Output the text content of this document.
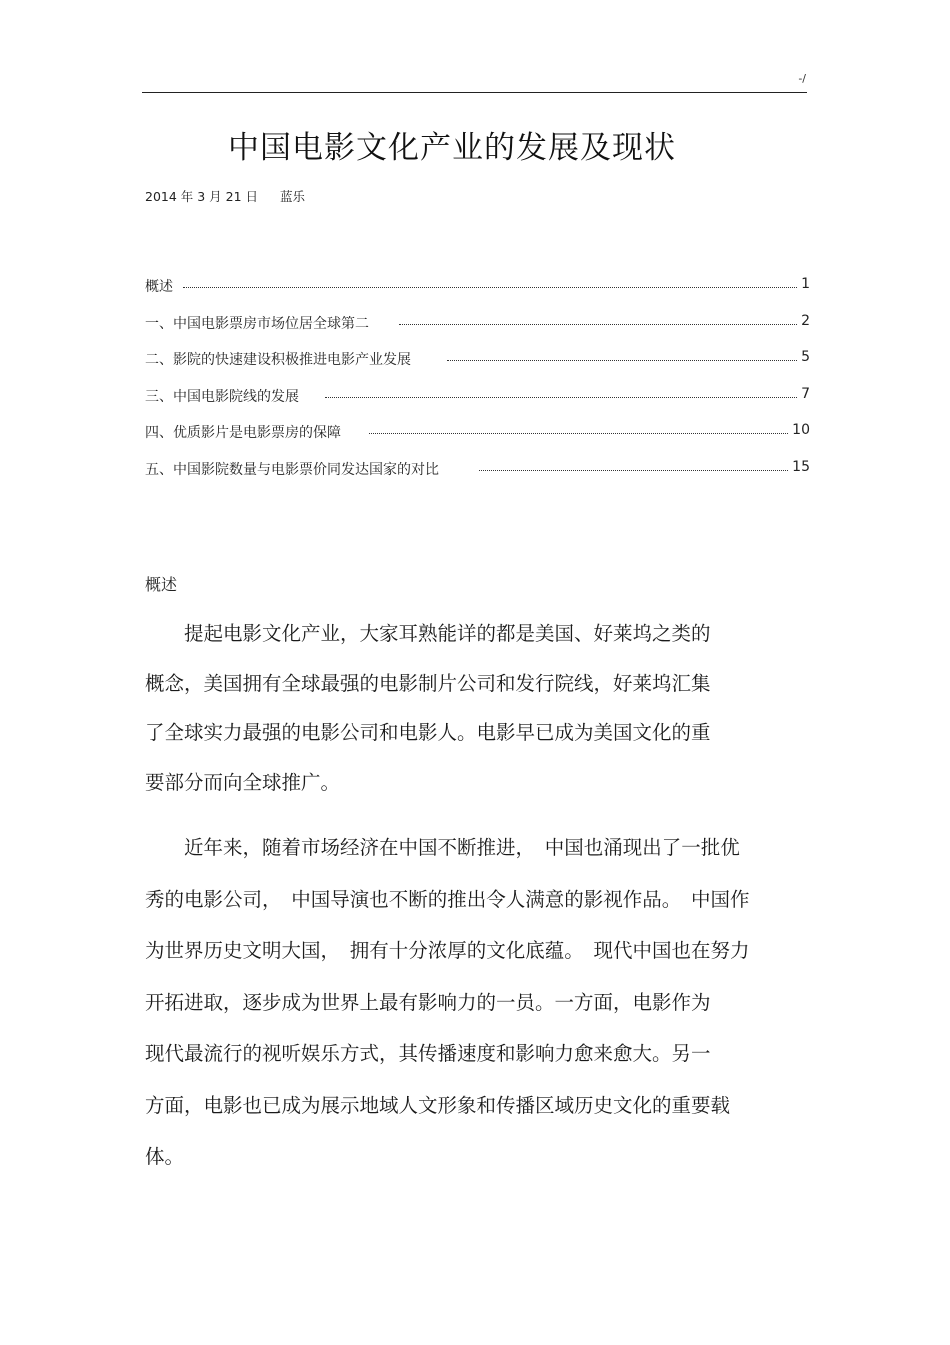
-/
中国电影文化产业的发展及现状
2014 年 3 月 21 日 蓝乐
概述	1
一、中国电影票房市场位居全球第二	2
二、影院的快速建设积极推进电影产业发展	5
三、中国电影院线的发展	7
四、优质影片是电影票房的保障	10
五、中国影院数量与电影票价同发达国家的对比	15
概述

　　提起电影文化产业，大家耳熟能详的都是美国、好莱坞之类的
概念，美国拥有全球最强的电影制片公司和发行院线，好莱坞汇集
了全球实力最强的电影公司和电影人。电影早已成为美国文化的重
要部分而向全球推广。

　　近年来，随着市场经济在中国不断推进，　中国也涌现出了一批优
秀的电影公司，　中国导演也不断的推出令人满意的影视作品。　中国作
为世界历史文明大国，　拥有十分浓厚的文化底蕴。　现代中国也在努力
开拓进取，逐步成为世界上最有影响力的一员。一方面，电影作为
现代最流行的视听娱乐方式，其传播速度和影响力愈来愈大。另一
方面，电影也已成为展示地域人文形象和传播区域历史文化的重要载
体。
